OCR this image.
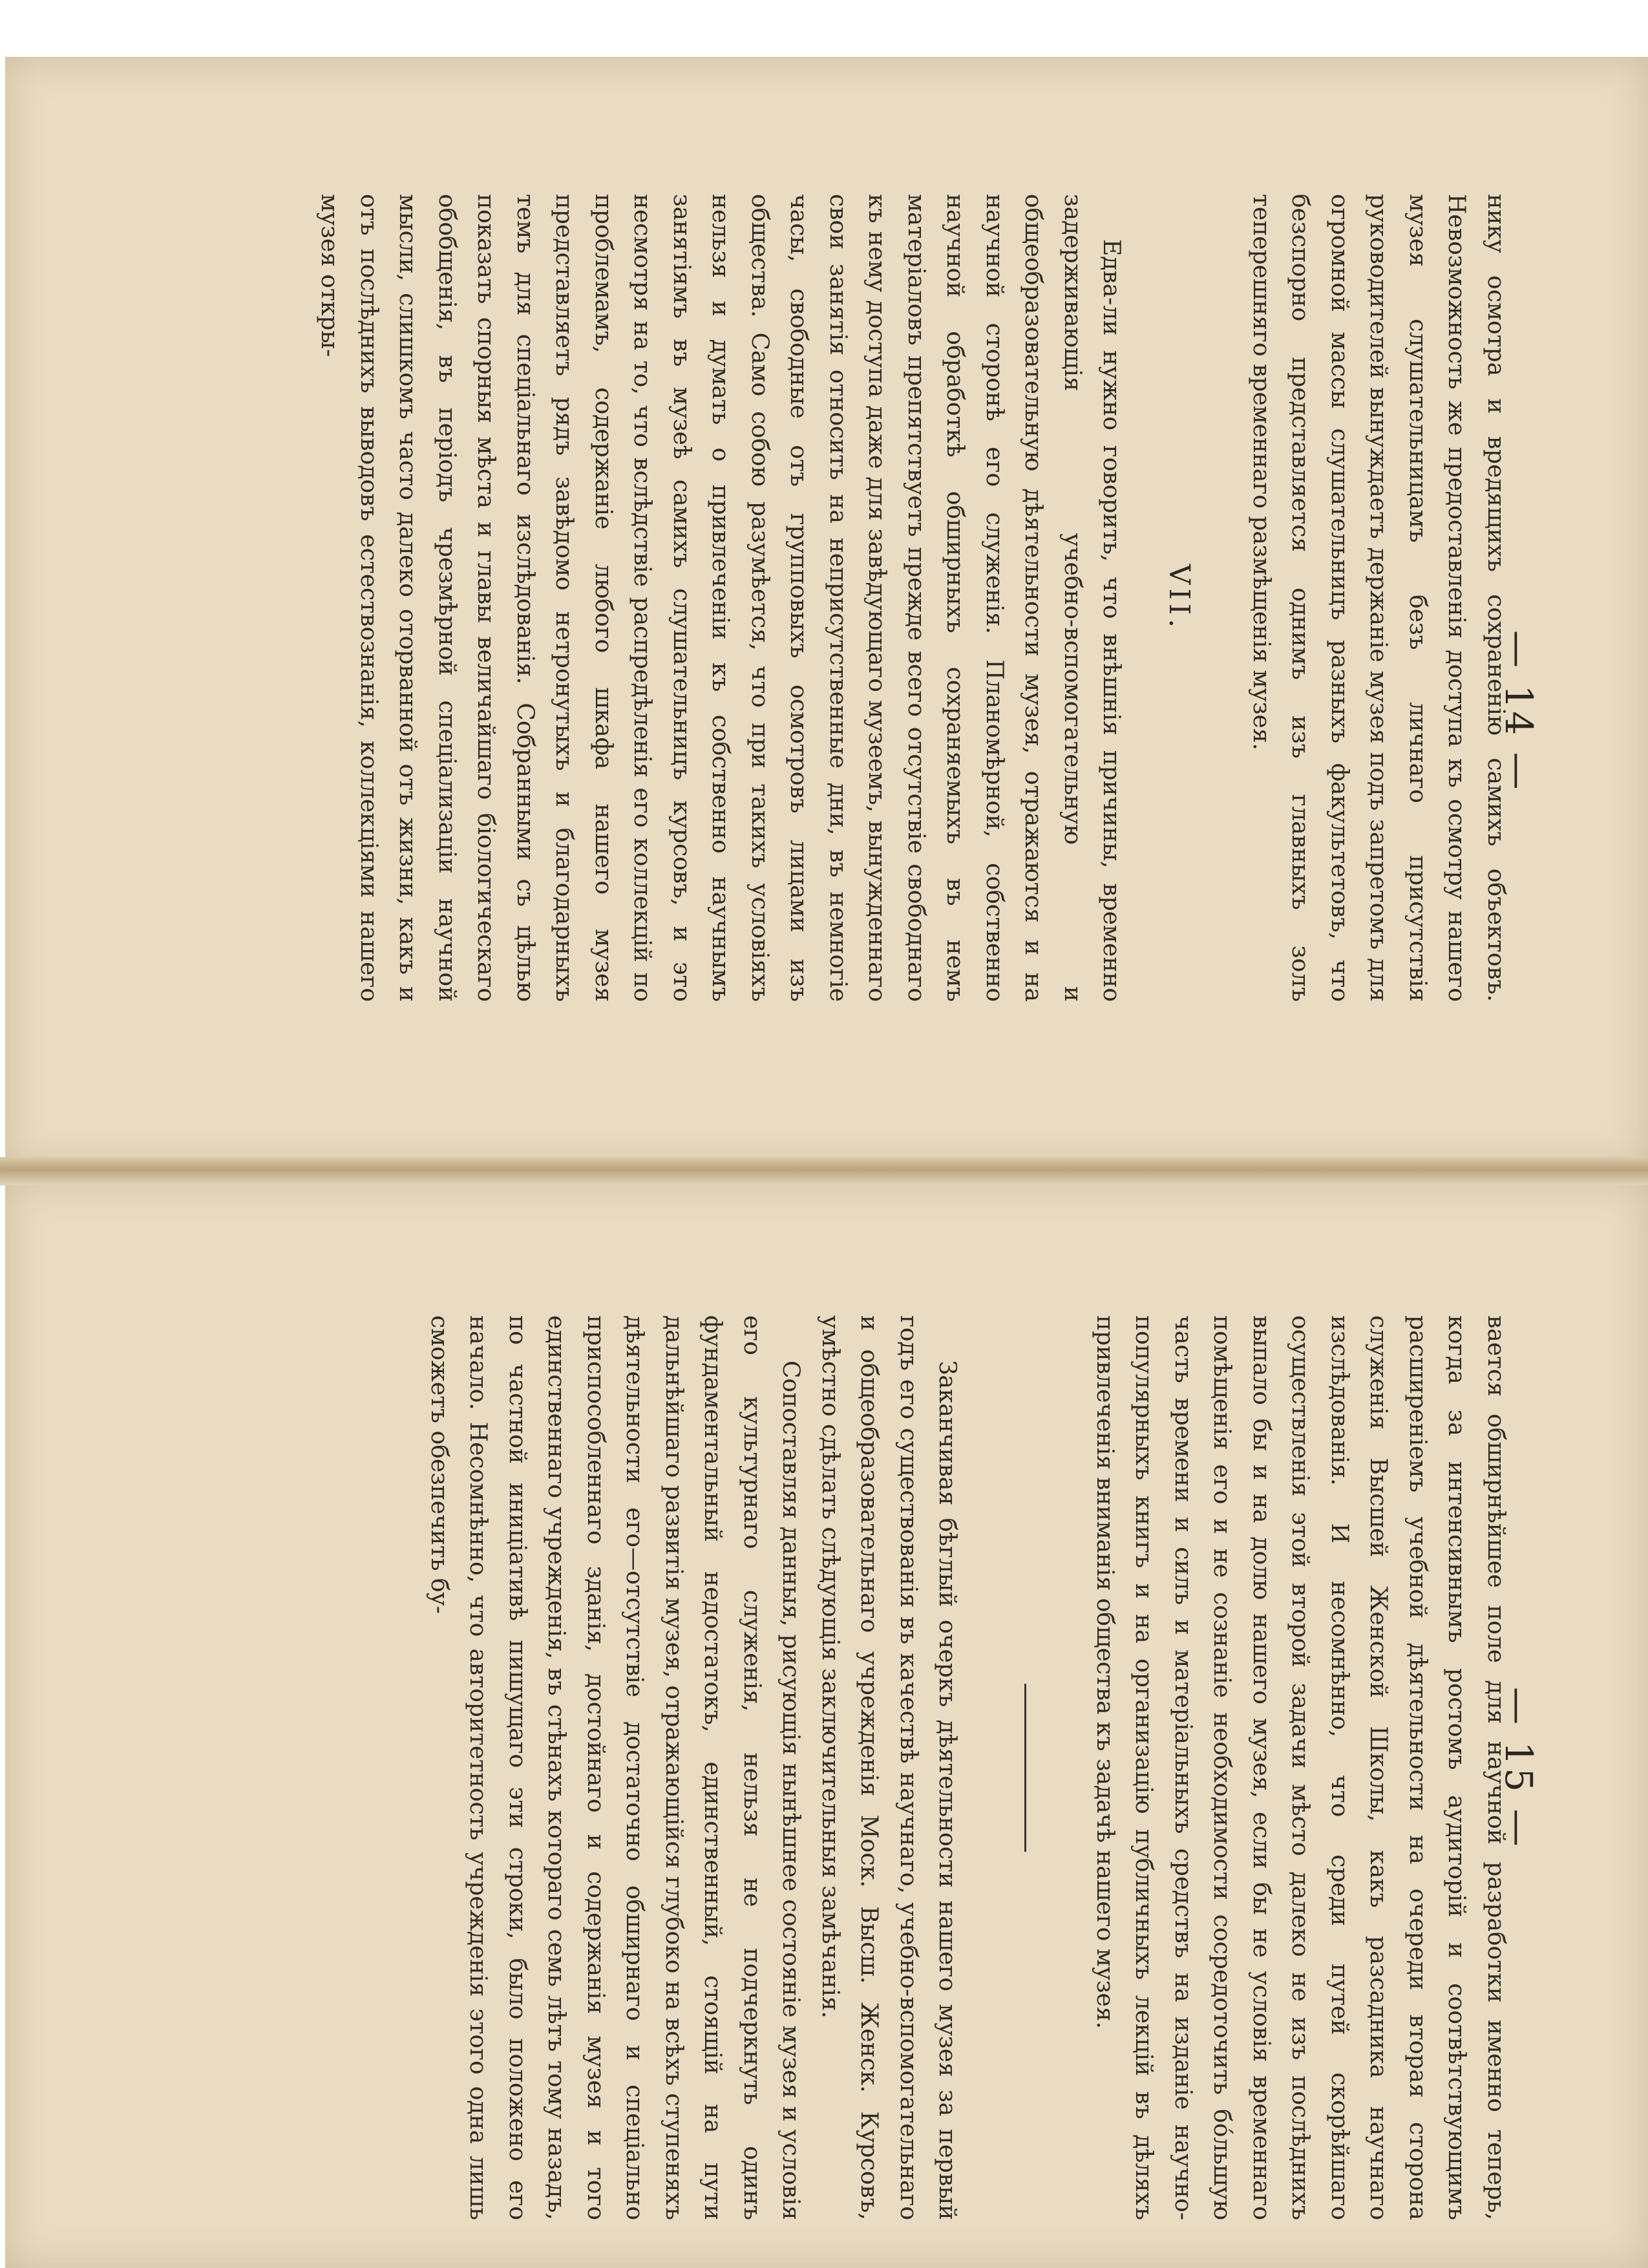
— 14 —

нику осмотра и вредящихъ сохраненію самихъ объектовъ. Невозможность же предоставленія доступа къ осмотру нашего музея слушательницамъ безъ личнаго присутствія руководителей вынуждаетъ держаніе музея подъ запретомъ для огромной массы слушательницъ разныхъ факультетовъ, что безспорно представляется однимъ изъ главныхъ золъ теперешняго временнаго размѣщенія музея.

VII.

Едва-ли нужно говорить, что внѣшнія причины, временно задерживающія учебно-вспомогательную и общеобразовательную дѣятельности музея, отражаются и на научной сторонѣ его служенія. Планомѣрной, собственно научной обработкѣ обширныхъ сохраняемыхъ въ немъ матеріаловъ препятствуетъ прежде всего отсутствіе свободнаго къ нему доступа даже для завѣдующаго музеемъ, вынужденнаго свои занятія относить на неприсутственные дни, въ немногіе часы, свободные отъ групповыхъ осмотровъ лицами изъ общества. Само собою разумѣется, что при такихъ условіяхъ нельзя и думать о привлеченіи къ собственно научнымъ занятіямъ въ музеѣ самихъ слушательницъ курсовъ, и это несмотря на то, что вслѣдствіе распредѣленія его коллекцій по проблемамъ, содержаніе любого шкафа нашего музея представляетъ рядъ завѣдомо нетронутыхъ и благодарныхъ темъ для спеціальнаго изслѣдованія. Собранными съ цѣлью показать спорныя мѣста и главы величайшаго біологическаго обобщенія, въ періодъ чрезмѣрной спеціализаціи научной мысли, слишкомъ часто далеко оторванной отъ жизни, какъ и отъ послѣднихъ выводовъ естествознанія, коллекціями нашего музея откры-

— 15 —

вается обширнѣйшее поле для научной разработки именно теперь, когда за интенсивнымъ ростомъ аудиторій и соотвѣтствующимъ расширеніемъ учебной дѣятельности на очереди вторая сторона служенія Высшей Женской Школы, какъ разсадника научнаго изслѣдованія. И несомнѣнно, что среди путей скорѣйшаго осуществленія этой второй задачи мѣсто далеко не изъ послѣднихъ выпало бы и на долю нашего музея, если бы не условія временнаго помѣщенія его и не сознаніе необходимости сосредоточить бо́льшую часть времени и силъ и матеріальныхъ средствъ на изданіе научно-популярныхъ книгъ и на организацію публичныхъ лекцій въ дѣляхъ привлеченія вниманія общества къ задачѣ нашего музея.

Заканчивая бѣглый очеркъ дѣятельности нашего музея за первый годъ его существованія въ качествѣ научнаго, учебно-вспомогательнаго и общеобразовательнаго учрежденія Моск. Высш. Женск. Курсовъ, умѣстно сдѣлать слѣдующія заключительныя замѣчанія.

Сопоставляя данныя, рисующія нынѣшнее состояніе музея и условія его культурнаго служенія, нельзя не подчеркнуть одинъ фундаментальный недостатокъ, единственный, стоящій на пути дальнѣйшаго развитія музея, отражающійся глубоко на всѣхъ ступеняхъ дѣятельности его—отсутствіе достаточно обширнаго и спеціально приспособленнаго зданія, достойнаго и содержанія музея и того единственнаго учрежденія, въ стѣнахъ котораго семь лѣтъ тому назадъ, по частной иниціативѣ пишущаго эти строки, было положено его начало. Несомнѣнно, что авторитетность учрежденія этого одна лишь сможетъ обезпечить бу-
